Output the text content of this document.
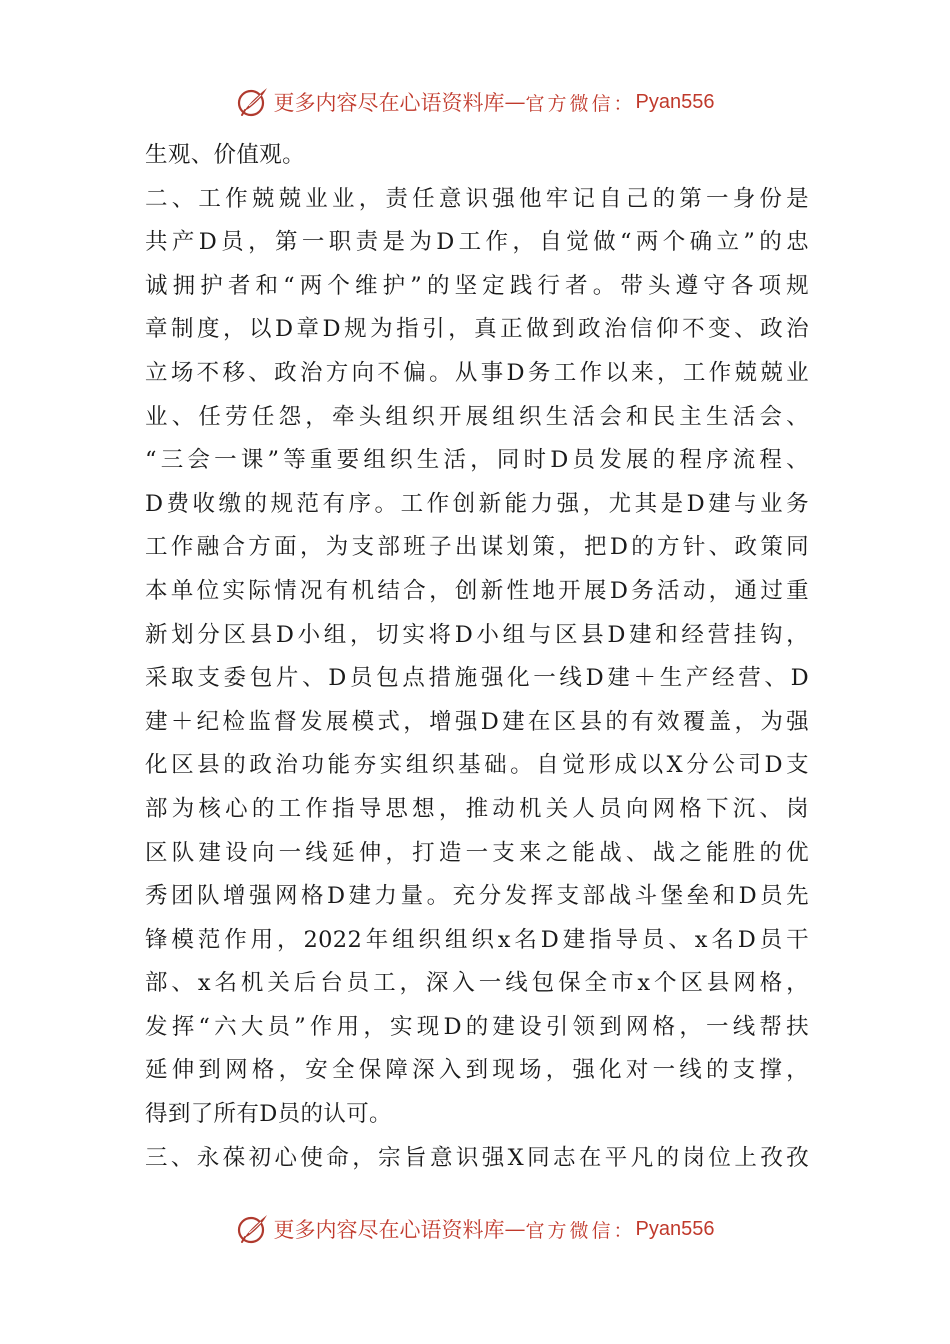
更多内容尽在心语资料库 — 官方微信： Pyan556
生观、价值观。
二、工作兢兢业业，责任意识强他牢记自己的第一身份是
共产D员，第一职责是为D工作，自觉做“两个确立”的忠
诚拥护者和“两个维护”的坚定践行者。带头遵守各项规
章制度，以D章D规为指引，真正做到政治信仰不变、政治
立场不移、政治方向不偏。从事D务工作以来，工作兢兢业
业、任劳任怨，牵头组织开展组织生活会和民主生活会、
“三会一课”等重要组织生活，同时D员发展的程序流程、
D费收缴的规范有序。工作创新能力强，尤其是D建与业务
工作融合方面，为支部班子出谋划策，把D的方针、政策同
本单位实际情况有机结合，创新性地开展D务活动，通过重
新划分区县D小组，切实将D小组与区县D建和经营挂钩，
采取支委包片、D员包点措施强化一线D建＋生产经营、D
建＋纪检监督发展模式，增强D建在区县的有效覆盖，为强
化区县的政治功能夯实组织基础。自觉形成以X分公司D支
部为核心的工作指导思想，推动机关人员向网格下沉、岗
区队建设向一线延伸，打造一支来之能战、战之能胜的优
秀团队增强网格D建力量。充分发挥支部战斗堡垒和D员先
锋模范作用，2022年组织组织x名D建指导员、x名D员干
部、x名机关后台员工，深入一线包保全市x个区县网格，
发挥“六大员”作用，实现D的建设引领到网格，一线帮扶
延伸到网格，安全保障深入到现场，强化对一线的支撑，
得到了所有D员的认可。
三、永葆初心使命，宗旨意识强X同志在平凡的岗位上孜孜
更多内容尽在心语资料库 — 官方微信： Pyan556
